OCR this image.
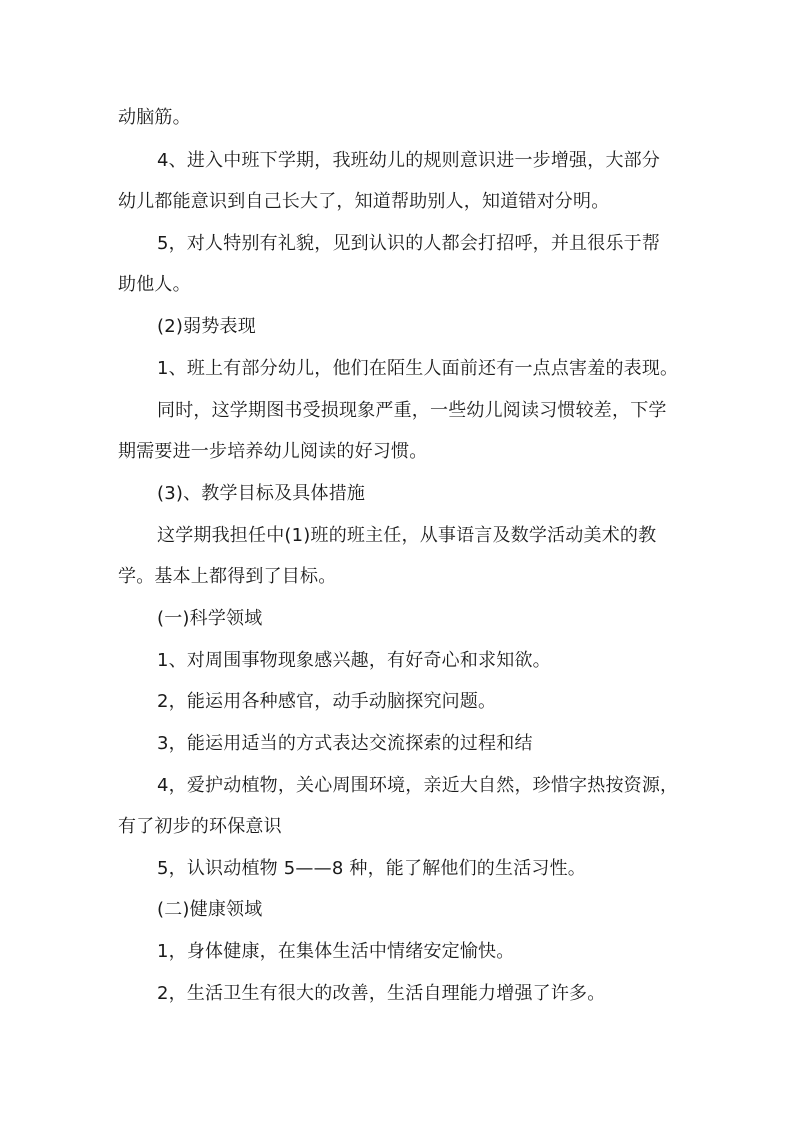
动脑筋。
4、进入中班下学期，我班幼儿的规则意识进一步增强，大部分
幼儿都能意识到自己长大了，知道帮助别人，知道错对分明。
5，对人特别有礼貌，见到认识的人都会打招呼，并且很乐于帮
助他人。
(2)弱势表现
1、班上有部分幼儿，他们在陌生人面前还有一点点害羞的表现。
同时，这学期图书受损现象严重，一些幼儿阅读习惯较差，下学
期需要进一步培养幼儿阅读的好习惯。
(3)、教学目标及具体措施
这学期我担任中(1)班的班主任，从事语言及数学活动美术的教
学。基本上都得到了目标。
(一)科学领域
1、对周围事物现象感兴趣，有好奇心和求知欲。
2，能运用各种感官，动手动脑探究问题。
3，能运用适当的方式表达交流探索的过程和结
4，爱护动植物，关心周围环境，亲近大自然，珍惜字热按资源，
有了初步的环保意识
5，认识动植物 5——8 种，能了解他们的生活习性。
(二)健康领域
1，身体健康，在集体生活中情绪安定愉快。
2，生活卫生有很大的改善，生活自理能力增强了许多。
